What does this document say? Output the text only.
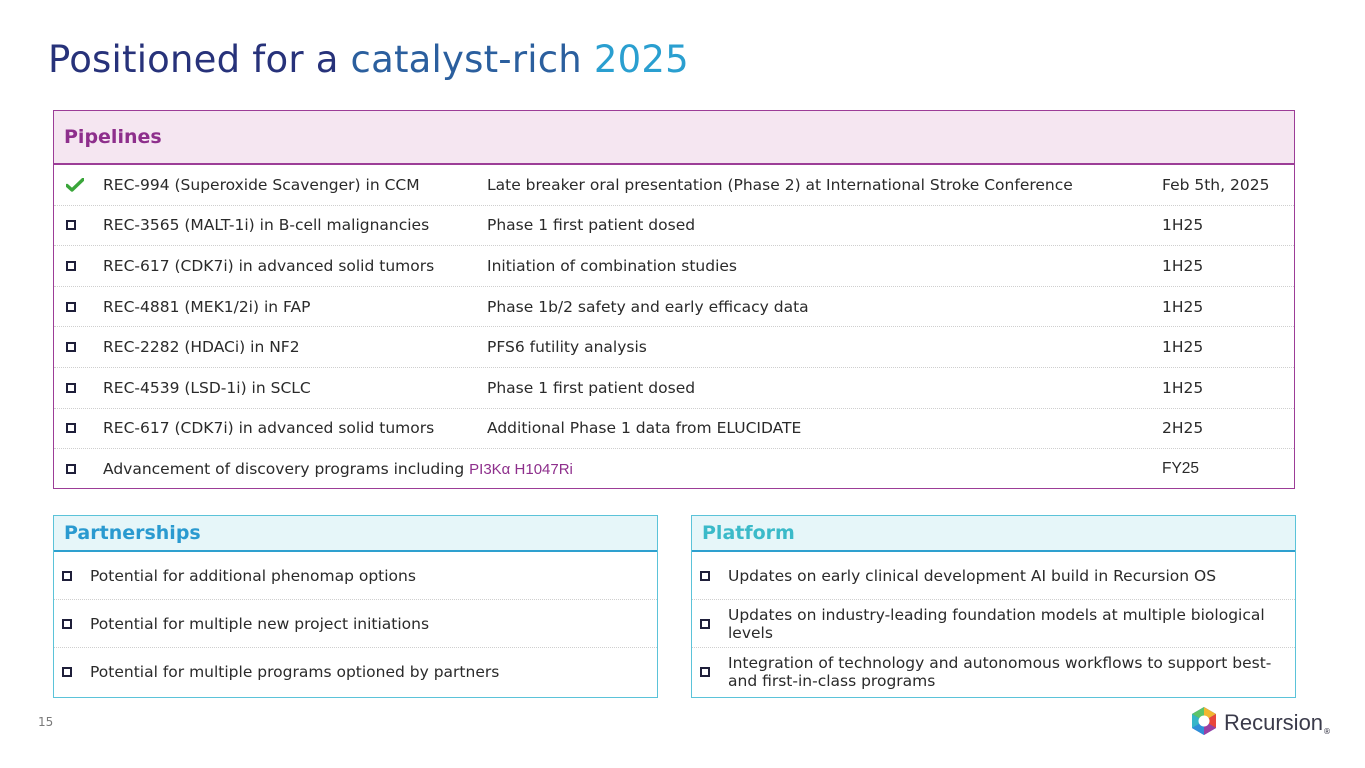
Positioned for a catalyst-rich 2025
Pipelines
REC-994 (Superoxide Scavenger) in CCM	Late breaker oral presentation (Phase 2) at International Stroke Conference	Feb 5th, 2025
REC-3565 (MALT-1i) in B-cell malignancies	Phase 1 first patient dosed	1H25
REC-617 (CDK7i) in advanced solid tumors	Initiation of combination studies	1H25
REC-4881 (MEK1/2i) in FAP	Phase 1b/2 safety and early efficacy data	1H25
REC-2282 (HDACi) in NF2	PFS6 futility analysis	1H25
REC-4539 (LSD-1i) in SCLC	Phase 1 first patient dosed	1H25
REC-617 (CDK7i) in advanced solid tumors	Additional Phase 1 data from ELUCIDATE	2H25
Advancement of discovery programs including PI3Kα H1047Ri	FY25
Partnerships
Potential for additional phenomap options
Potential for multiple new project initiations
Potential for multiple programs optioned by partners
Platform
Updates on early clinical development AI build in Recursion OS
Updates on industry-leading foundation models at multiple biological levels
Integration of technology and autonomous workflows to support best- and first-in-class programs
15	Recursion ®
